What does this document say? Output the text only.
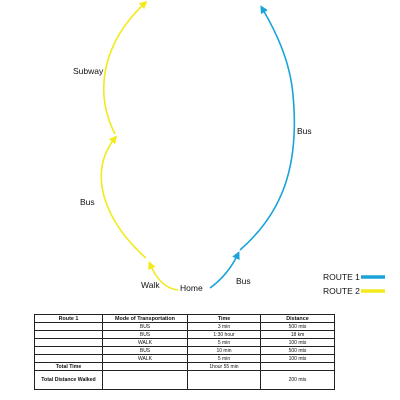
Home
Bus
Bus
Walk
Bus
Subway
ROUTE 1
ROUTE 2
Route 1	Mode of Transportation	Time	Distance
	BUS	3 min	500 mts
	BUS	1:30 hour	18 km
	WALK	5 min	100 mts
	BUS	10 min	500 mts
	WALK	5 min	100 mts
Total Time		1hour 55 min	
Total Distance Walked			200 mts
